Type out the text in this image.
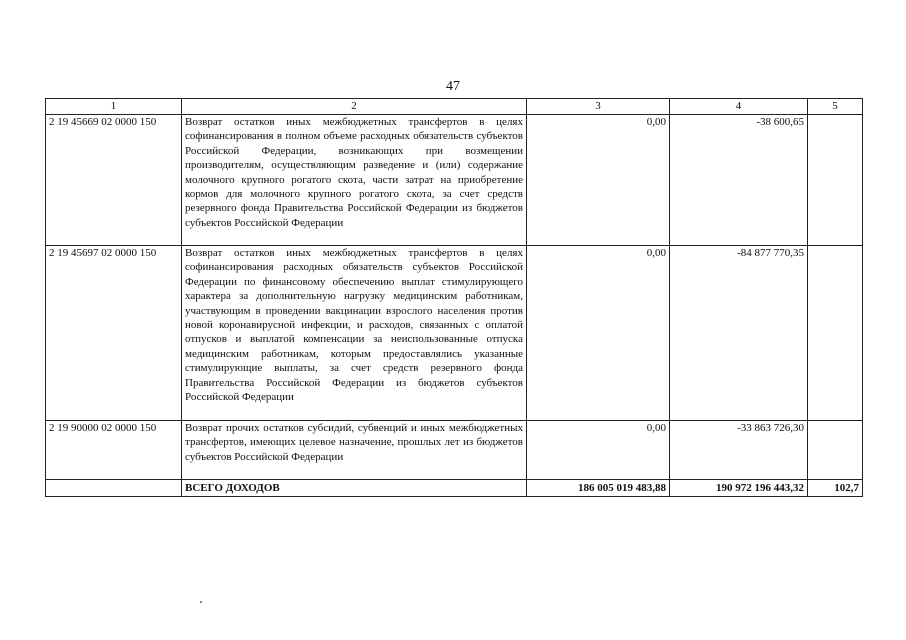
47
1	2	3	4	5
2 19 45669 02 0000 150	Возврат остатков иных межбюджетных трансфертов в целях софинансирования в полном объеме расходных обязательств субъектов Российской Федерации, возникающих при возмещении производителям, осуществляющим разведение и (или) содержание молочного крупного рогатого скота, части затрат на приобретение кормов для молочного крупного рогатого скота, за счет средств резервного фонда Правительства Российской Федерации из бюджетов субъектов Российской Федерации	0,00	-38 600,65	
2 19 45697 02 0000 150	Возврат остатков иных межбюджетных трансфертов в целях софинансирования расходных обязательств субъектов Российской Федерации по финансовому обеспечению выплат стимулирующего характера за дополнительную нагрузку медицинским работникам, участвующим в проведении вакцинации взрослого населения против новой коронавирусной инфекции, и расходов, связанных с оплатой отпусков и выплатой компенсации за неиспользованные отпуска медицинским работникам, которым предоставлялись указанные стимулирующие выплаты, за счет средств резервного фонда Правительства Российской Федерации из бюджетов субъектов Российской Федерации	0,00	-84 877 770,35	
2 19 90000 02 0000 150	Возврат прочих остатков субсидий, субвенций и иных межбюджетных трансфертов, имеющих целевое назначение, прошлых лет из бюджетов субъектов Российской Федерации	0,00	-33 863 726,30	
	ВСЕГО ДОХОДОВ	186 005 019 483,88	190 972 196 443,32	102,7
